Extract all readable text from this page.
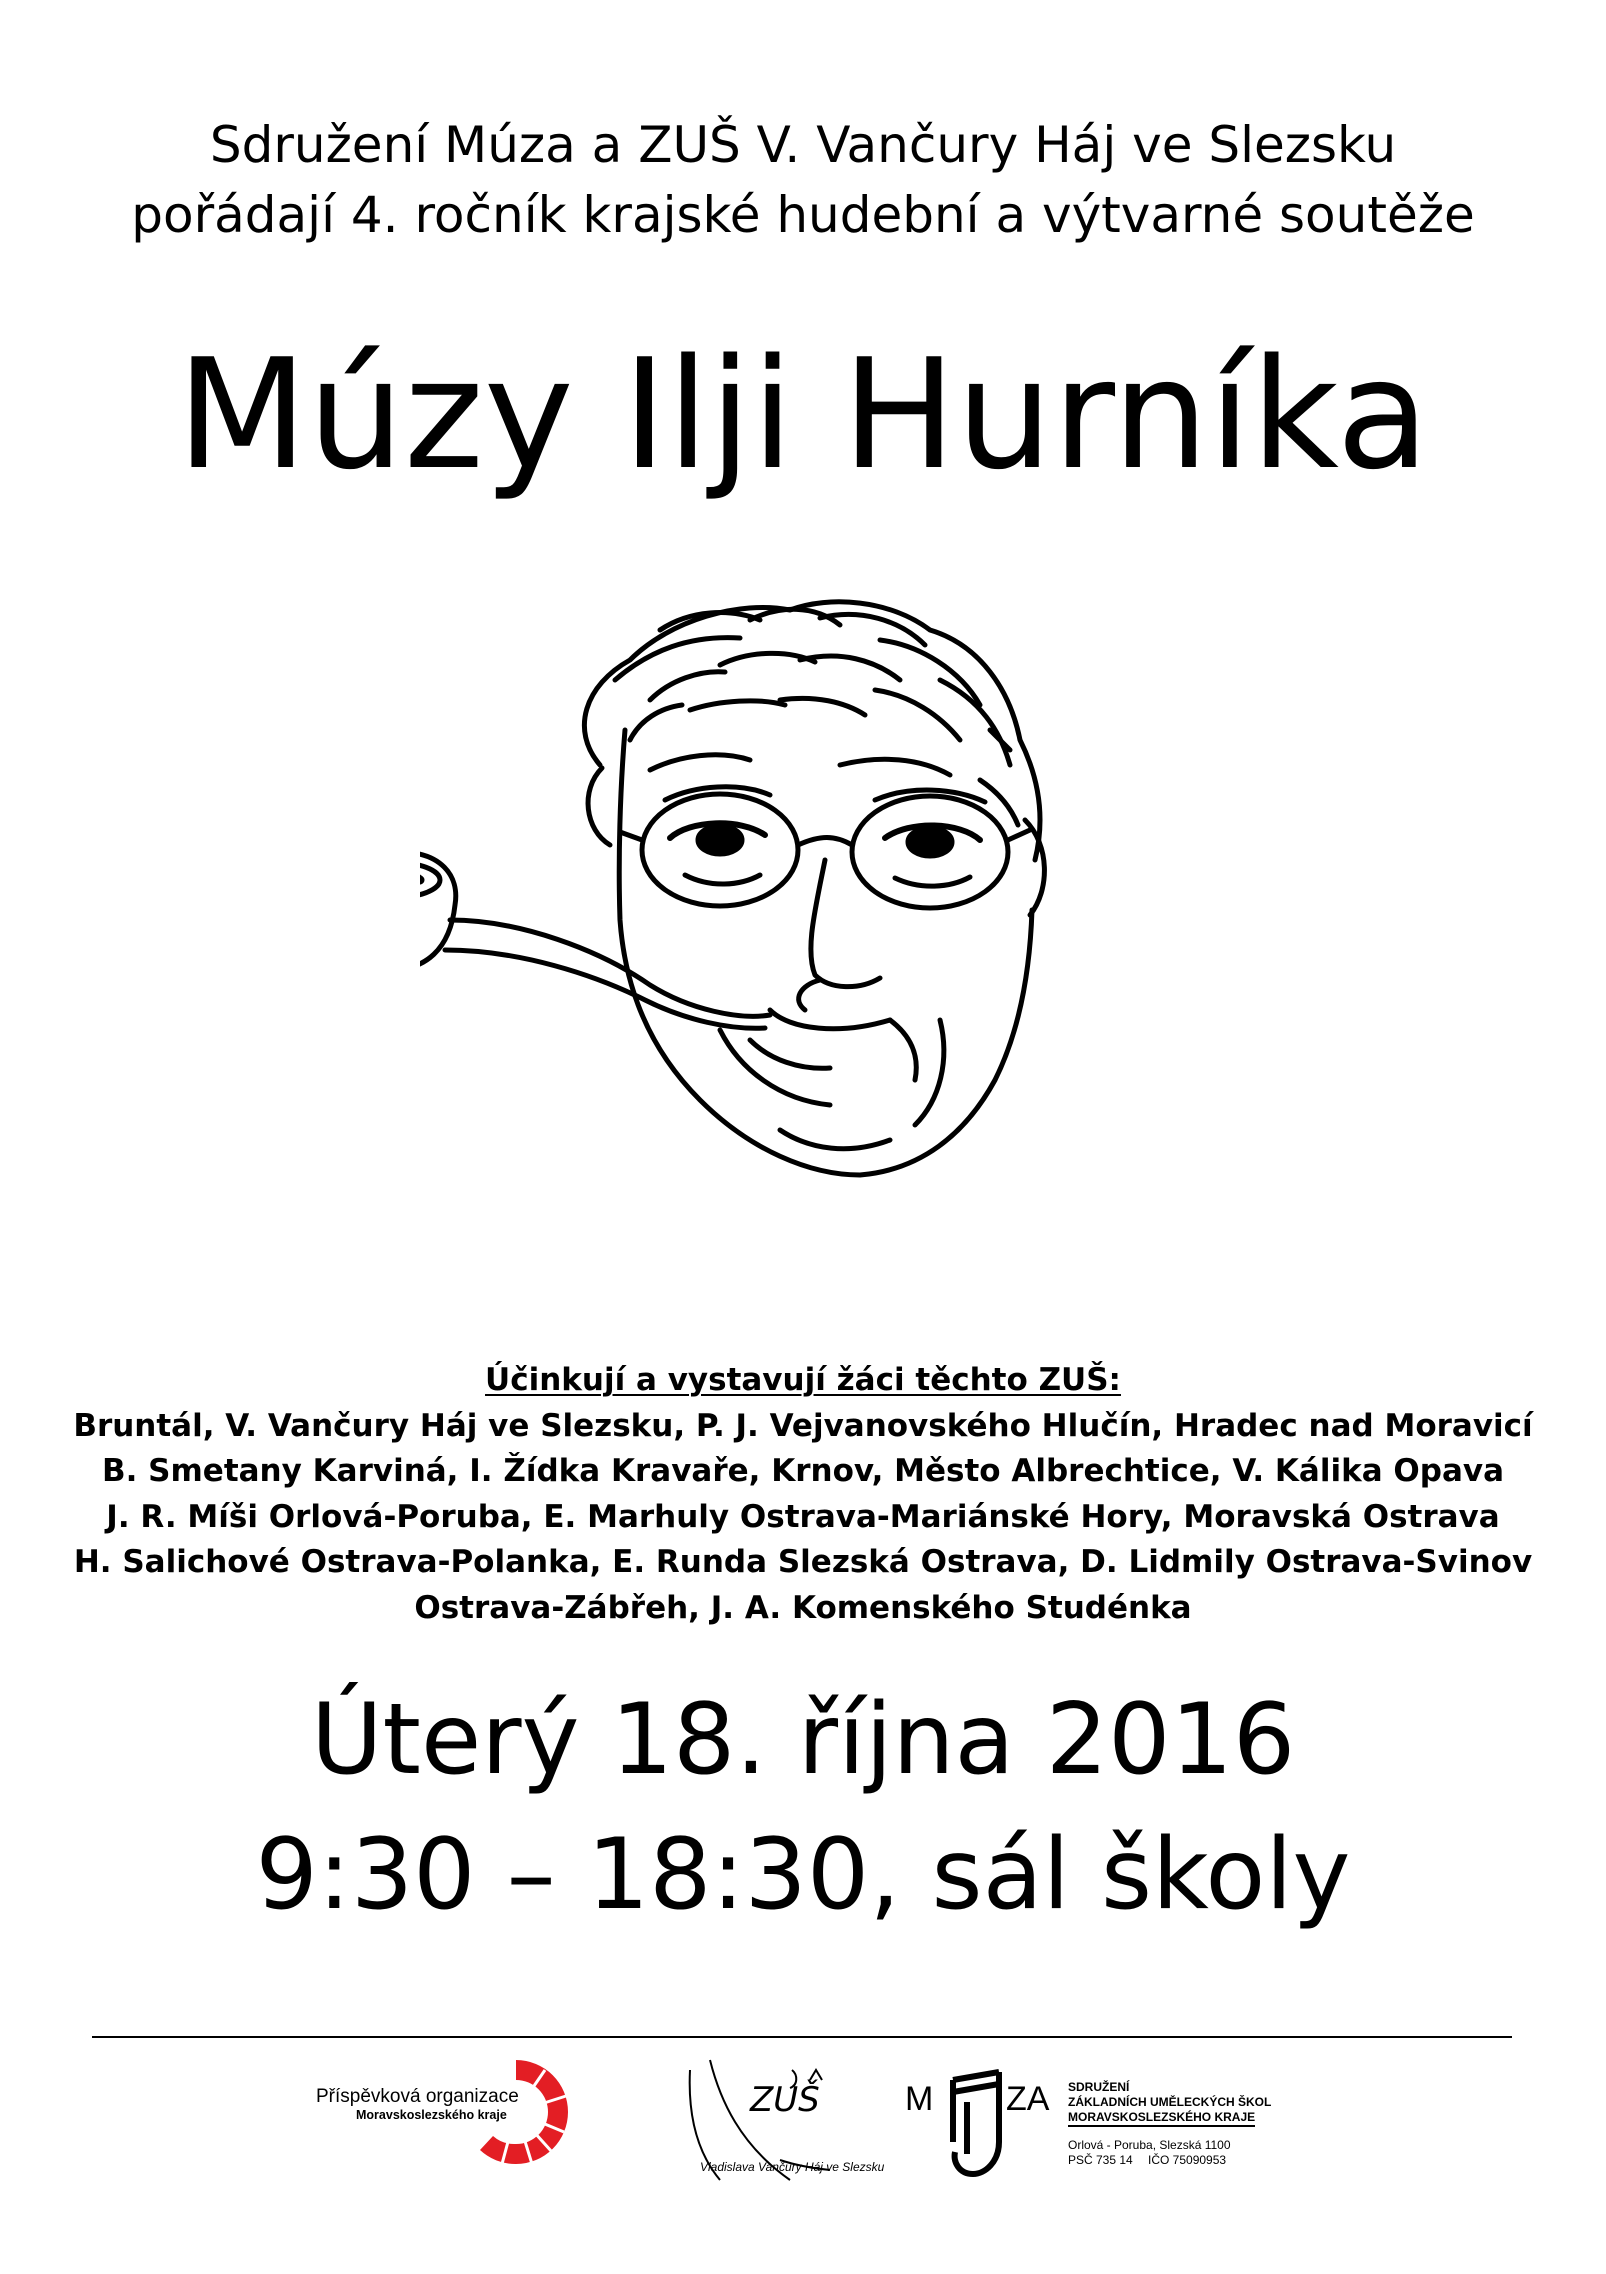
Sdružení Múza a ZUŠ V. Vančury Háj ve Slezsku
pořádají 4. ročník krajské hudební a výtvarné soutěže
Múzy Ilji Hurníka
Účinkují a vystavují žáci těchto ZUŠ:
Bruntál, V. Vančury Háj ve Slezsku, P. J. Vejvanovského Hlučín, Hradec nad Moravicí
B. Smetany Karviná, I. Žídka Kravaře, Krnov, Město Albrechtice, V. Kálika Opava
J. R. Míši Orlová-Poruba, E. Marhuly Ostrava-Mariánské Hory, Moravská Ostrava
H. Salichové Ostrava-Polanka, E. Runda Slezská Ostrava, D. Lidmily Ostrava-Svinov
Ostrava-Zábřeh, J. A. Komenského Studénka
Úterý 18. října 2016
9:30 – 18:30, sál školy
Příspěvková organizace
Moravskoslezského kraje	ZUŠ
Vladislava Vančury Háj ve Slezsku
M ZA SDRUŽENÍ
ZÁKLADNÍCH UMĚLECKÝCH ŠKOL
MORAVSKOSLEZSKÉHO KRAJE
Orlová - Poruba, Slezská 1100
PSČ 735 14 IČO 75090953
